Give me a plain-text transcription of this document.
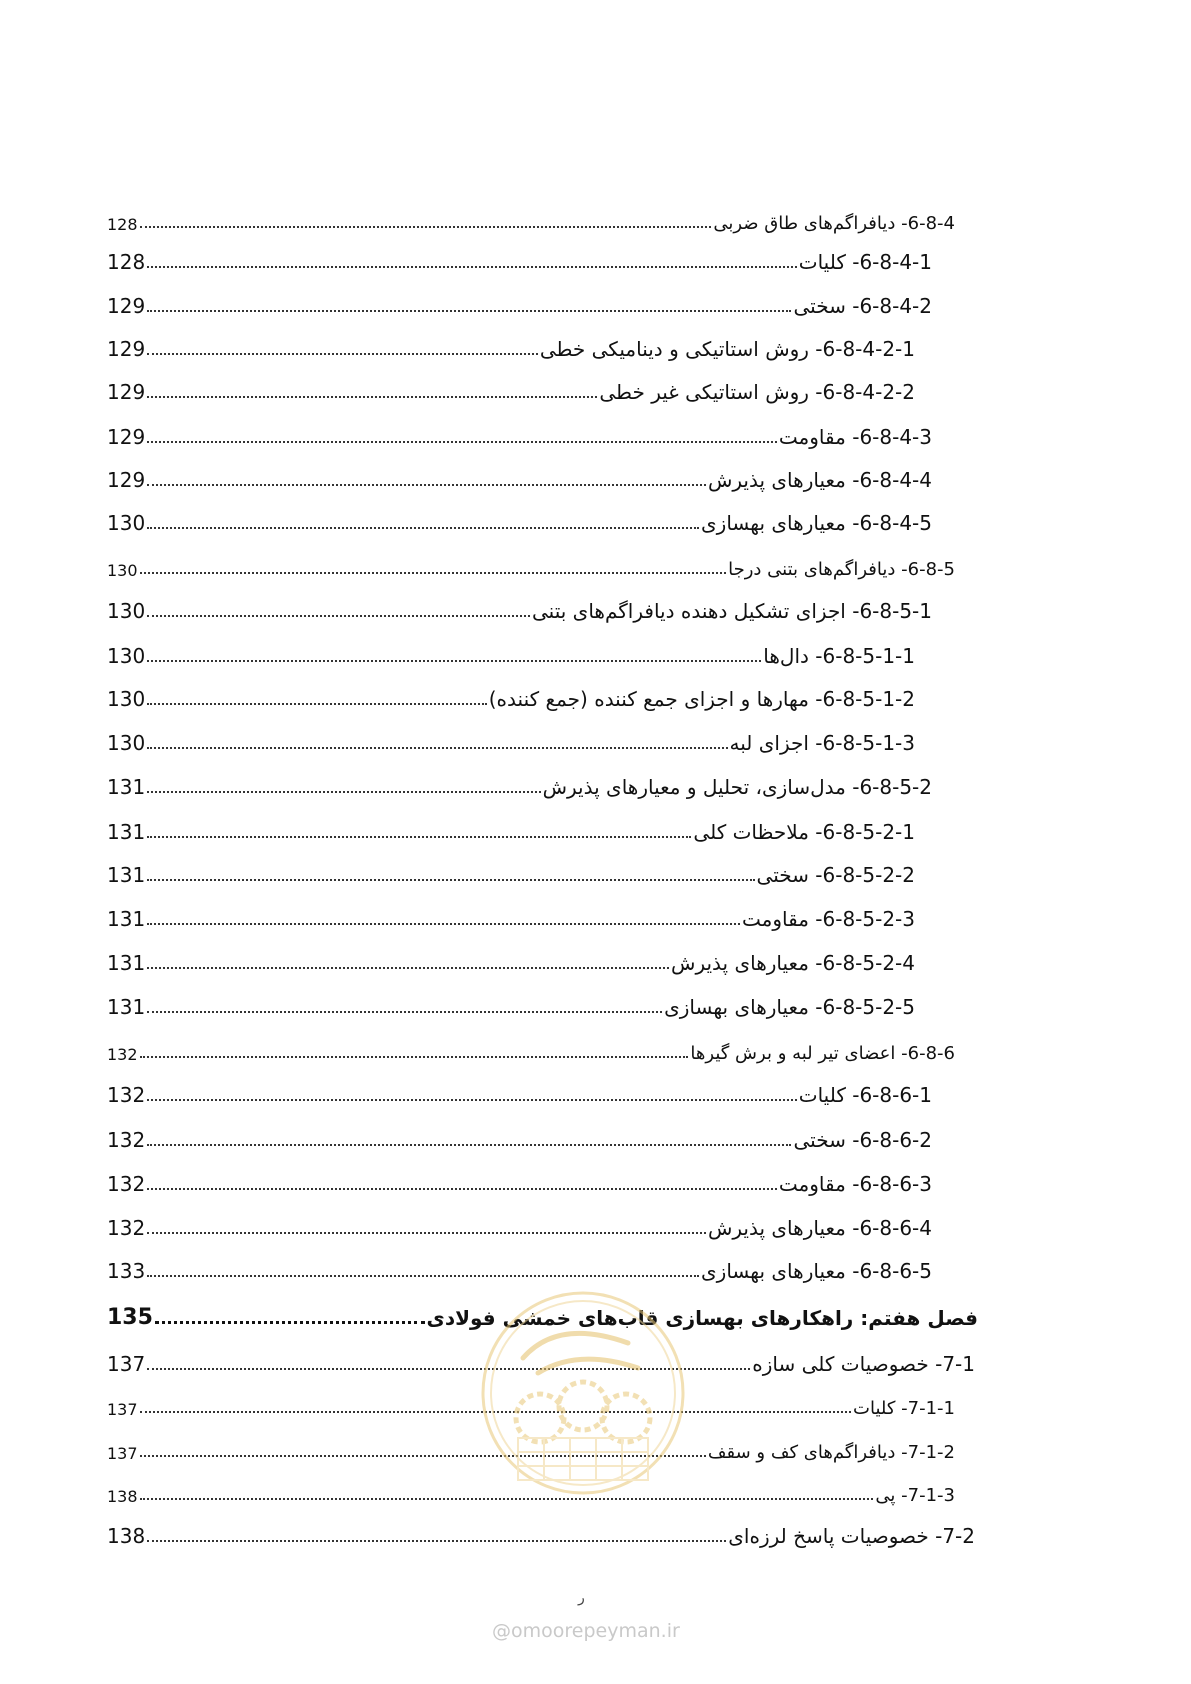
6-8-4- دیافراگم‌های طاق ضربی
128
6-8-4-1- کلیات
128
6-8-4-2- سختی
129
6-8-4-2-1- روش استاتیکی و دینامیکی خطی
129
6-8-4-2-2- روش استاتیکی غیر خطی
129
6-8-4-3- مقاومت
129
6-8-4-4- معیارهای پذیرش
129
6-8-4-5- معیارهای بهسازی
130
6-8-5- دیافراگم‌های بتنی درجا
130
6-8-5-1- اجزای تشکیل دهنده دیافراگم‌های بتنی
130
6-8-5-1-1- دال‌ها
130
6-8-5-1-2- مهارها و اجزای جمع کننده (جمع کننده)
130
6-8-5-1-3- اجزای لبه
130
6-8-5-2- مدل‌سازی، تحلیل و معیارهای پذیرش
131
6-8-5-2-1- ملاحظات کلی
131
6-8-5-2-2- سختی
131
6-8-5-2-3- مقاومت
131
6-8-5-2-4- معیارهای پذیرش
131
6-8-5-2-5- معیارهای بهسازی
131
6-8-6- اعضای تیر لبه و برش گیرها
132
6-8-6-1- کلیات
132
6-8-6-2- سختی
132
6-8-6-3- مقاومت
132
6-8-6-4- معیارهای پذیرش
132
6-8-6-5- معیارهای بهسازی
133
فصل هفتم: راهکارهای بهسازی قاب‌های خمشی فولادی
135
7-1- خصوصیات کلی سازه
137
7-1-1- کلیات
137
7-1-2- دیافراگم‌های کف و سقف
137
7-1-3- پی
138
7-2- خصوصیات پاسخ لرزه‌ای
138
ر
@omoorepeyman.ir
